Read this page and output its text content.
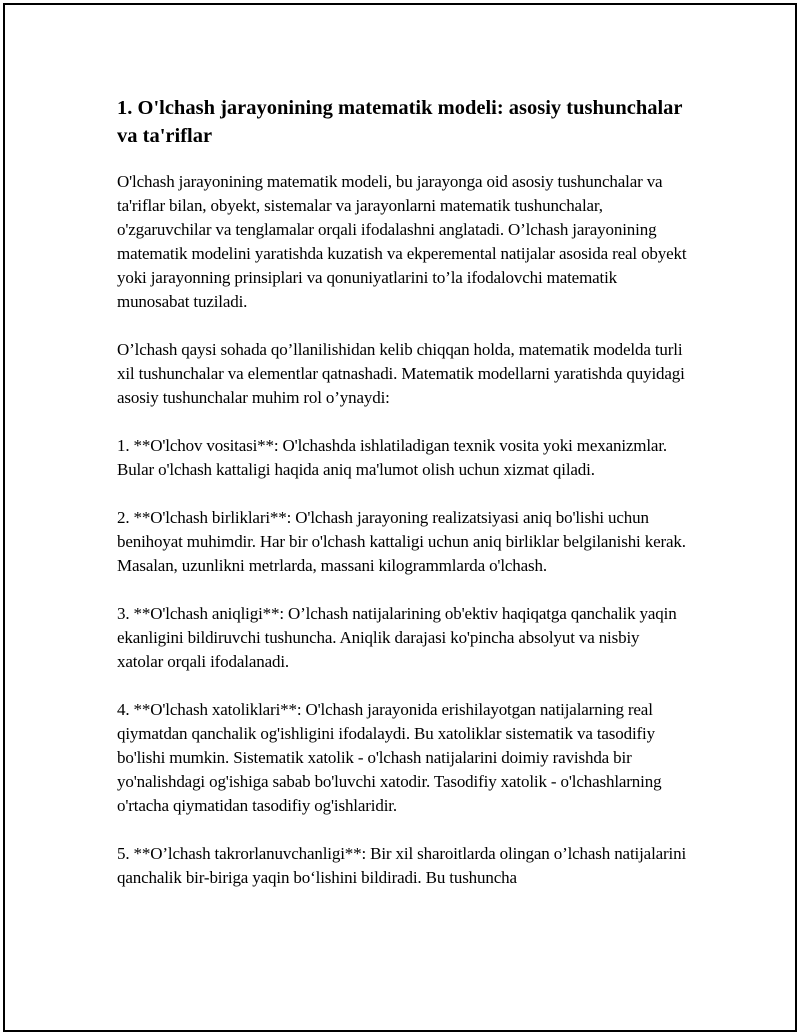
1. O'lchash jarayonining matematik modeli: asosiy tushunchalar va ta'riflar

O'lchash jarayonining matematik modeli, bu jarayonga oid asosiy tushunchalar va ta'riflar bilan, obyekt, sistemalar va jarayonlarni matematik tushunchalar, o'zgaruvchilar va tenglamalar orqali ifodalashni anglatadi. O’lchash jarayonining matematik modelini yaratishda kuzatish va ekperemental natijalar asosida real obyekt yoki jarayonning prinsiplari va qonuniyatlarini to’la ifodalovchi matematik munosabat tuziladi.

O’lchash qaysi sohada qo’llanilishidan kelib chiqqan holda, matematik modelda turli xil tushunchalar va elementlar qatnashadi. Matematik modellarni yaratishda quyidagi asosiy tushunchalar muhim rol o’ynaydi:

1. **O'lchov vositasi**: O'lchashda ishlatiladigan texnik vosita yoki mexanizmlar. Bular o'lchash kattaligi haqida aniq ma'lumot olish uchun xizmat qiladi.

2. **O'lchash birliklari**: O'lchash jarayoning realizatsiyasi aniq bo'lishi uchun benihoyat muhimdir. Har bir o'lchash kattaligi uchun aniq birliklar belgilanishi kerak. Masalan, uzunlikni metrlarda, massani kilogrammlarda o'lchash.

3. **O'lchash aniqligi**: O’lchash natijalarining ob'ektiv haqiqatga qanchalik yaqin ekanligini bildiruvchi tushuncha. Aniqlik darajasi ko'pincha absolyut va nisbiy xatolar orqali ifodalanadi.

4. **O'lchash xatoliklari**: O'lchash jarayonida erishilayotgan natijalarning real qiymatdan qanchalik og'ishligini ifodalaydi. Bu xatoliklar sistematik va tasodifiy bo'lishi mumkin. Sistematik xatolik - o'lchash natijalarini doimiy ravishda bir yo'nalishdagi og'ishiga sabab bo'luvchi xatodir. Tasodifiy xatolik - o'lchashlarning o'rtacha qiymatidan tasodifiy og'ishlaridir.

5. **O’lchash takrorlanuvchanligi**: Bir xil sharoitlarda olingan o’lchash natijalarini qanchalik bir-biriga yaqin bo‘lishini bildiradi. Bu tushuncha
